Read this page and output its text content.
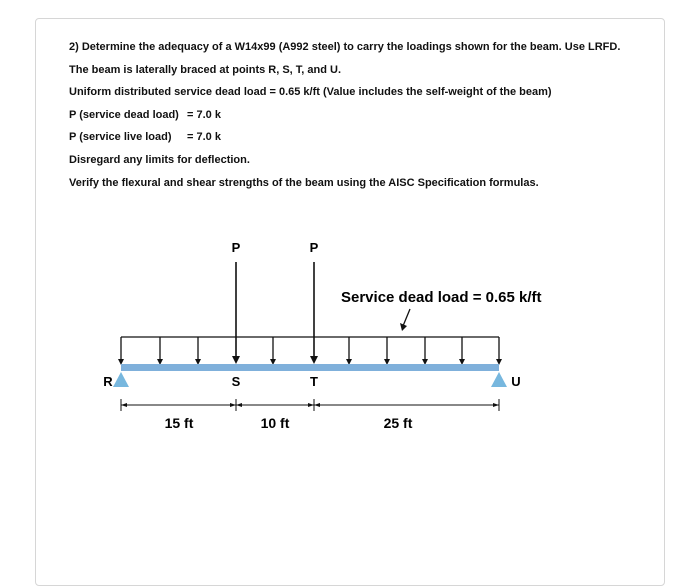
2) Determine the adequacy of a W14x99 (A992 steel) to carry the loadings shown for the beam. Use LRFD.
The beam is laterally braced at points R, S, T, and U.
Uniform distributed service dead load = 0.65 k/ft (Value includes the self-weight of the beam)
P (service dead load) = 7.0 k
P (service live load) = 7.0 k
Disregard any limits for deflection.
Verify the flexural and shear strengths of the beam using the AISC Specification formulas.
P	P
Service dead load = 0.65 k/ft
R	S	T	U
15 ft	10 ft	25 ft
